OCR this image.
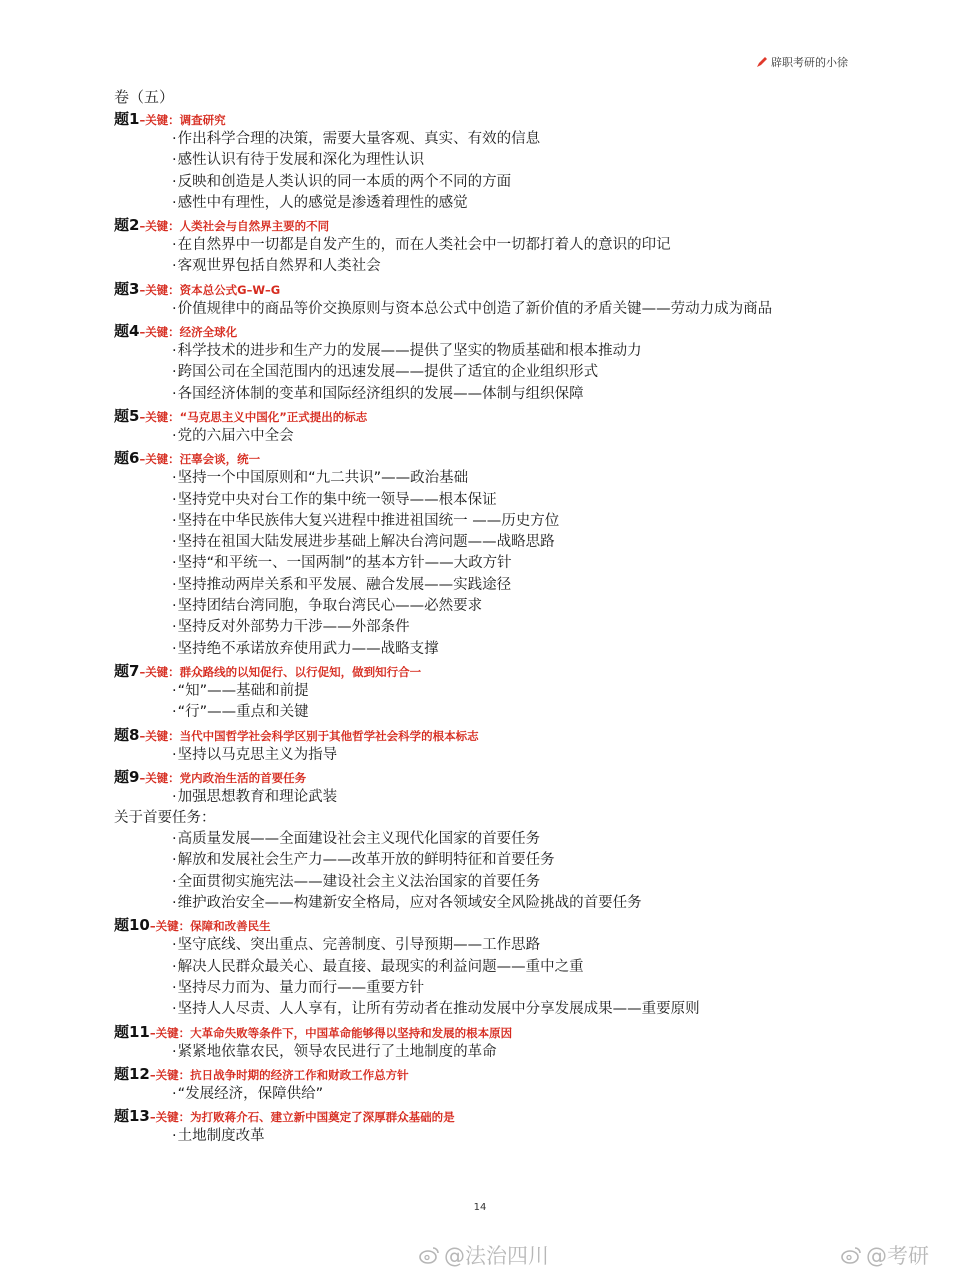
辟职考研的小徐
卷（五）
题1–关键：调查研究
· 作出科学合理的决策，需要大量客观、真实、有效的信息
· 感性认识有待于发展和深化为理性认识
· 反映和创造是人类认识的同一本质的两个不同的方面
· 感性中有理性，人的感觉是渗透着理性的感觉
题2–关键：人类社会与自然界主要的不同
· 在自然界中一切都是自发产生的，而在人类社会中一切都打着人的意识的印记
· 客观世界包括自然界和人类社会
题3–关键：资本总公式G–W–G
· 价值规律中的商品等价交换原则与资本总公式中创造了新价值的矛盾关键——劳动力成为商品
题4–关键：经济全球化
· 科学技术的进步和生产力的发展——提供了坚实的物质基础和根本推动力
· 跨国公司在全国范围内的迅速发展——提供了适宜的企业组织形式
· 各国经济体制的变革和国际经济组织的发展——体制与组织保障
题5–关键：“马克思主义中国化”正式提出的标志
· 党的六届六中全会
题6–关键：汪辜会谈，统一
· 坚持一个中国原则和“九二共识”——政治基础
· 坚持党中央对台工作的集中统一领导——根本保证
· 坚持在中华民族伟大复兴进程中推进祖国统一 ——历史方位
· 坚持在祖国大陆发展进步基础上解决台湾问题——战略思路
· 坚持“和平统一、一国两制”的基本方针——大政方针
· 坚持推动两岸关系和平发展、融合发展——实践途径
· 坚持团结台湾同胞，争取台湾民心——必然要求
· 坚持反对外部势力干涉——外部条件
· 坚持绝不承诺放弃使用武力——战略支撑
题7–关键：群众路线的以知促行、以行促知，做到知行合一
· “知”——基础和前提
· “行”——重点和关键
题8–关键：当代中国哲学社会科学区别于其他哲学社会科学的根本标志
· 坚持以马克思主义为指导
题9–关键：党内政治生活的首要任务
· 加强思想教育和理论武装
关于首要任务：
· 高质量发展——全面建设社会主义现代化国家的首要任务
· 解放和发展社会生产力——改革开放的鲜明特征和首要任务
· 全面贯彻实施宪法——建设社会主义法治国家的首要任务
· 维护政治安全——构建新安全格局，应对各领域安全风险挑战的首要任务
题10–关键：保障和改善民生
· 坚守底线、突出重点、完善制度、引导预期——工作思路
· 解决人民群众最关心、最直接、最现实的利益问题——重中之重
· 坚持尽力而为、量力而行——重要方针
· 坚持人人尽责、人人享有，让所有劳动者在推动发展中分享发展成果——重要原则
题11–关键：大革命失败等条件下，中国革命能够得以坚持和发展的根本原因
· 紧紧地依靠农民，领导农民进行了土地制度的革命
题12–关键：抗日战争时期的经济工作和财政工作总方针
· “发展经济，保障供给”
题13–关键：为打败蒋介石、建立新中国奠定了深厚群众基础的是
· 土地制度改革
14
@法治四川	@考研
